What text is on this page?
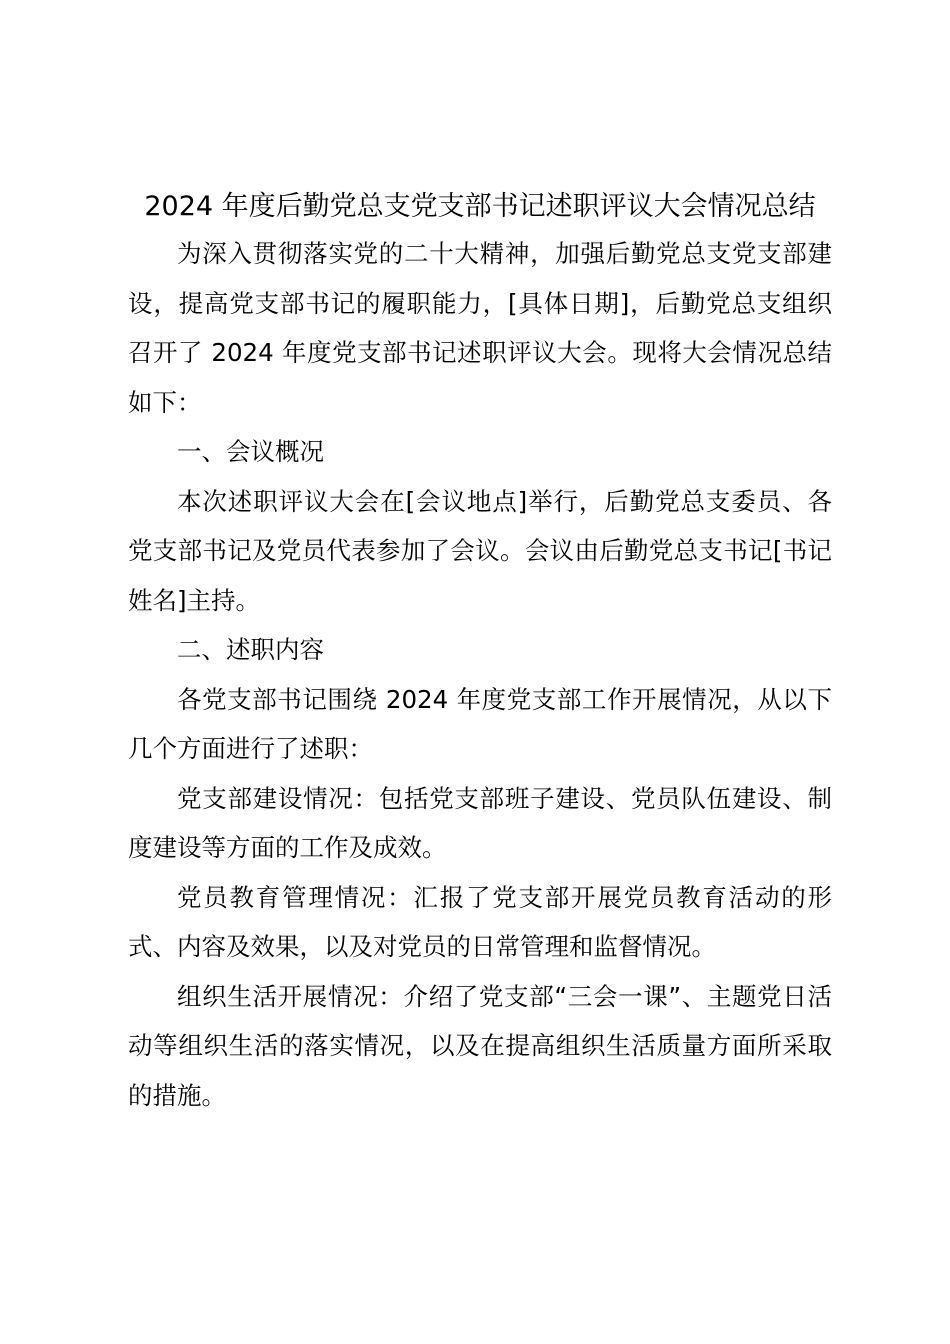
2024 年度后勤党总支党支部书记述职评议大会情况总结

为深入贯彻落实党的二十大精神，加强后勤党总支党支部建设，提高党支部书记的履职能力，[具体日期]，后勤党总支组织召开了 2024 年度党支部书记述职评议大会。现将大会情况总结如下：

一、会议概况

本次述职评议大会在[会议地点]举行，后勤党总支委员、各党支部书记及党员代表参加了会议。会议由后勤党总支书记[书记姓名]主持。

二、述职内容

各党支部书记围绕 2024 年度党支部工作开展情况，从以下几个方面进行了述职：

党支部建设情况：包括党支部班子建设、党员队伍建设、制度建设等方面的工作及成效。

党员教育管理情况：汇报了党支部开展党员教育活动的形式、内容及效果，以及对党员的日常管理和监督情况。

组织生活开展情况：介绍了党支部“三会一课”、主题党日活动等组织生活的落实情况，以及在提高组织生活质量方面所采取的措施。
